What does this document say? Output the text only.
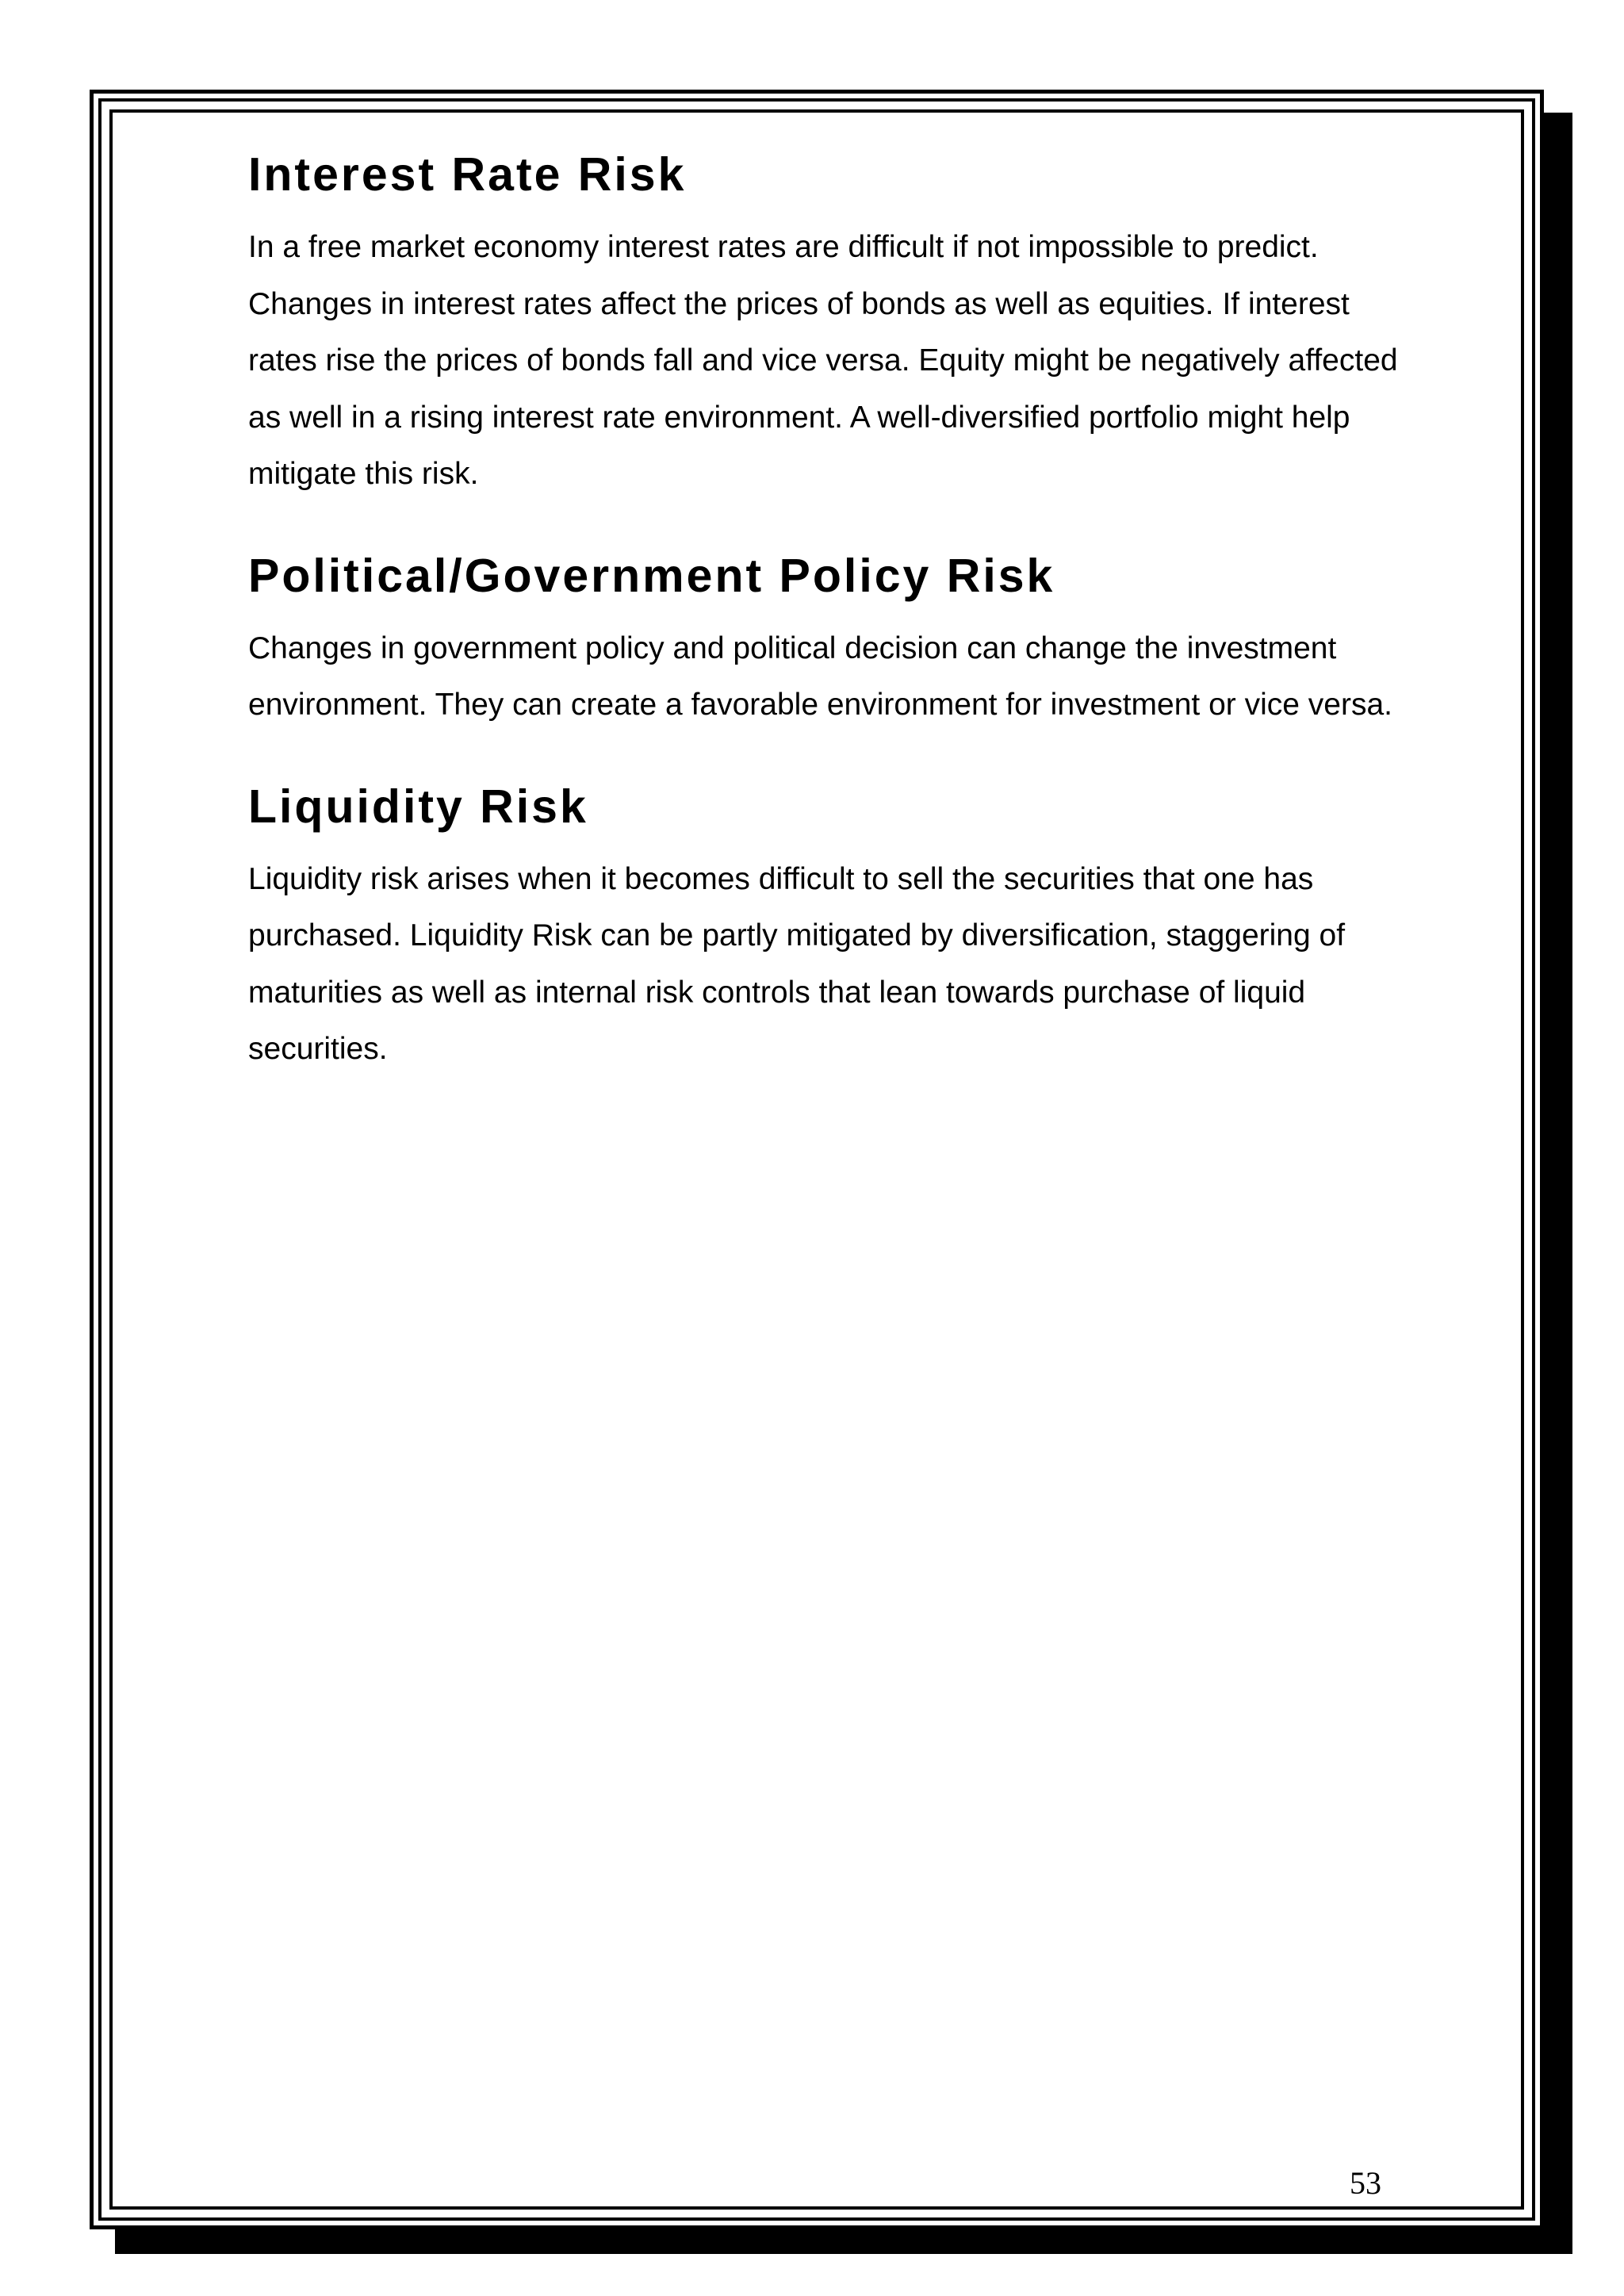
Interest Rate Risk

In a free market economy interest rates are difficult if not impossible to predict. Changes in interest rates affect the prices of bonds as well as equities. If interest rates rise the prices of bonds fall and vice versa. Equity might be negatively affected as well in a rising interest rate environment. A well-diversified portfolio might help mitigate this risk.

Political/Government Policy Risk

Changes in government policy and political decision can change the investment environment. They can create a favorable environment for investment or vice versa.

Liquidity Risk

Liquidity risk arises when it becomes difficult to sell the securities that one has purchased. Liquidity Risk can be partly mitigated by diversification, staggering of maturities as well as internal risk controls that lean towards purchase of liquid securities.

53
